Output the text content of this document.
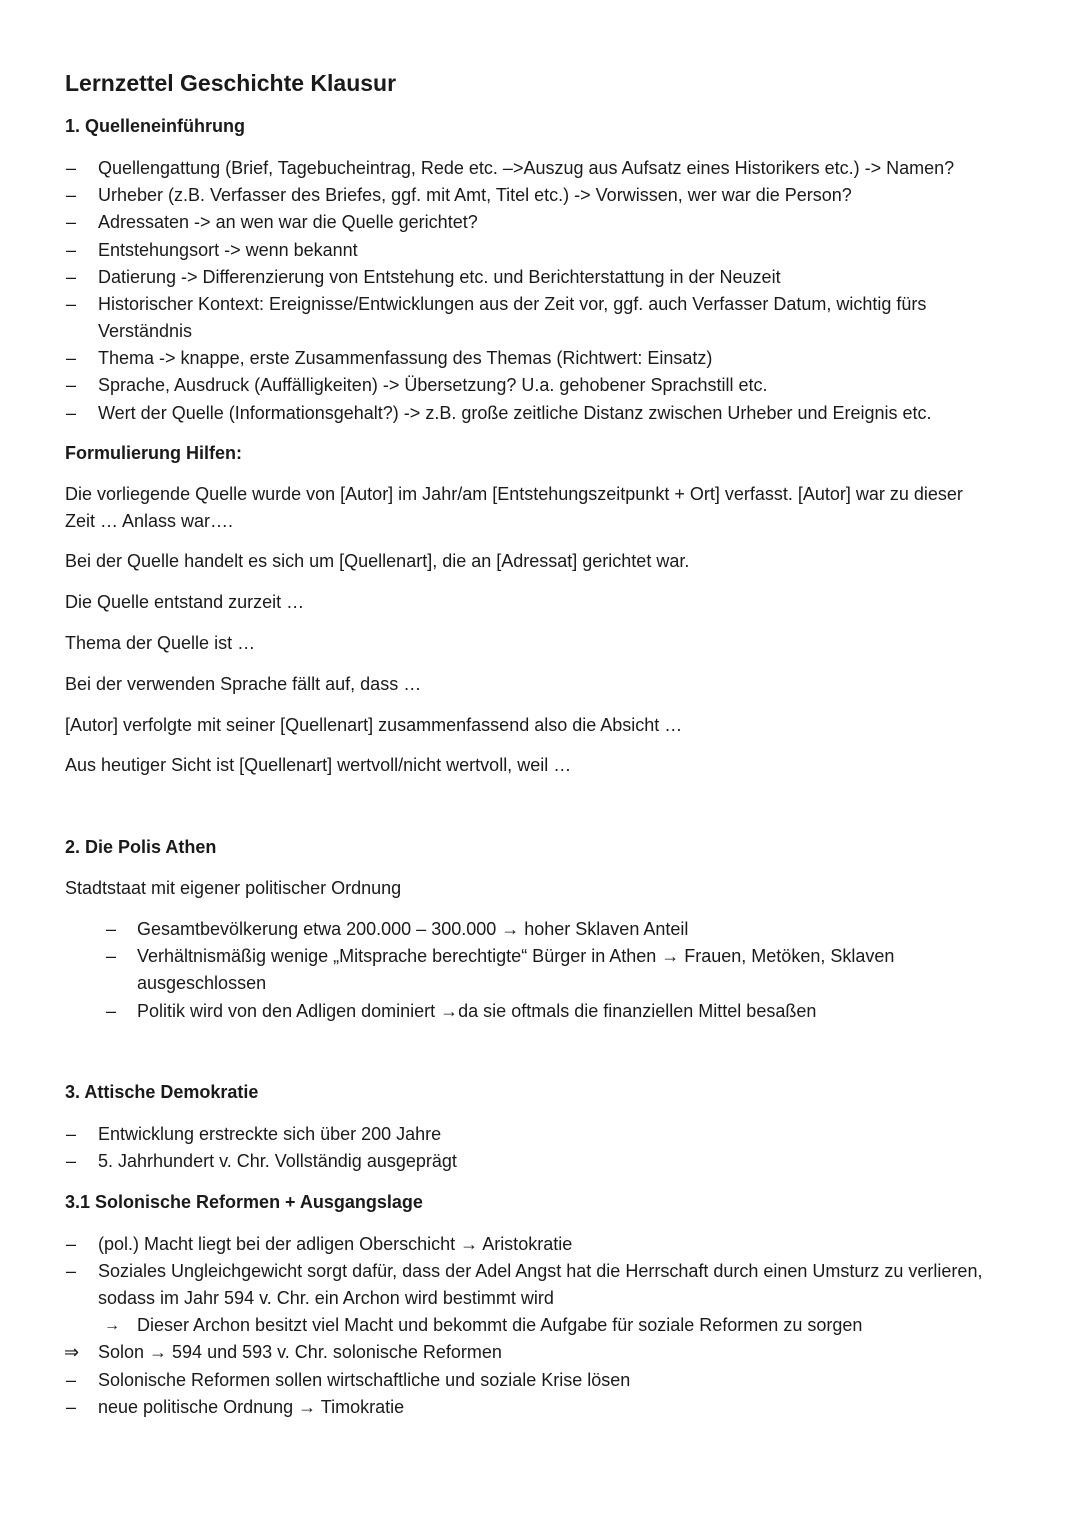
Lernzettel Geschichte Klausur
1. Quelleneinführung
– Quellengattung (Brief, Tagebucheintrag, Rede etc. –>Auszug aus Aufsatz eines Historikers etc.) -> Namen?
– Urheber (z.B. Verfasser des Briefes, ggf. mit Amt, Titel etc.) -> Vorwissen, wer war die Person?
– Adressaten -> an wen war die Quelle gerichtet?
– Entstehungsort -> wenn bekannt
– Datierung -> Differenzierung von Entstehung etc. und Berichterstattung in der Neuzeit
– Historischer Kontext: Ereignisse/Entwicklungen aus der Zeit vor, ggf. auch Verfasser Datum, wichtig fürs
Verständnis
– Thema -> knappe, erste Zusammenfassung des Themas (Richtwert: Einsatz)
– Sprache, Ausdruck (Auffälligkeiten) -> Übersetzung? U.a. gehobener Sprachstill etc.
– Wert der Quelle (Informationsgehalt?) -> z.B. große zeitliche Distanz zwischen Urheber und Ereignis etc.
Formulierung Hilfen:
Die vorliegende Quelle wurde von [Autor] im Jahr/am [Entstehungszeitpunkt + Ort] verfasst. [Autor] war zu dieser
Zeit … Anlass war….
Bei der Quelle handelt es sich um [Quellenart], die an [Adressat] gerichtet war.
Die Quelle entstand zurzeit …
Thema der Quelle ist …
Bei der verwenden Sprache fällt auf, dass …
[Autor] verfolgte mit seiner [Quellenart] zusammenfassend also die Absicht …
Aus heutiger Sicht ist [Quellenart] wertvoll/nicht wertvoll, weil …
2. Die Polis Athen
Stadtstaat mit eigener politischer Ordnung
– Gesamtbevölkerung etwa 200.000 – 300.000 → hoher Sklaven Anteil
– Verhältnismäßig wenige „Mitsprache berechtigte“ Bürger in Athen → Frauen, Metöken, Sklaven
ausgeschlossen
– Politik wird von den Adligen dominiert →da sie oftmals die finanziellen Mittel besaßen
3. Attische Demokratie
– Entwicklung erstreckte sich über 200 Jahre
– 5. Jahrhundert v. Chr. Vollständig ausgeprägt
3.1 Solonische Reformen + Ausgangslage
– (pol.) Macht liegt bei der adligen Oberschicht → Aristokratie
– Soziales Ungleichgewicht sorgt dafür, dass der Adel Angst hat die Herrschaft durch einen Umsturz zu verlieren,
sodass im Jahr 594 v. Chr. ein Archon wird bestimmt wird
→ Dieser Archon besitzt viel Macht und bekommt die Aufgabe für soziale Reformen zu sorgen
⇒ Solon → 594 und 593 v. Chr. solonische Reformen
– Solonische Reformen sollen wirtschaftliche und soziale Krise lösen
– neue politische Ordnung → Timokratie
